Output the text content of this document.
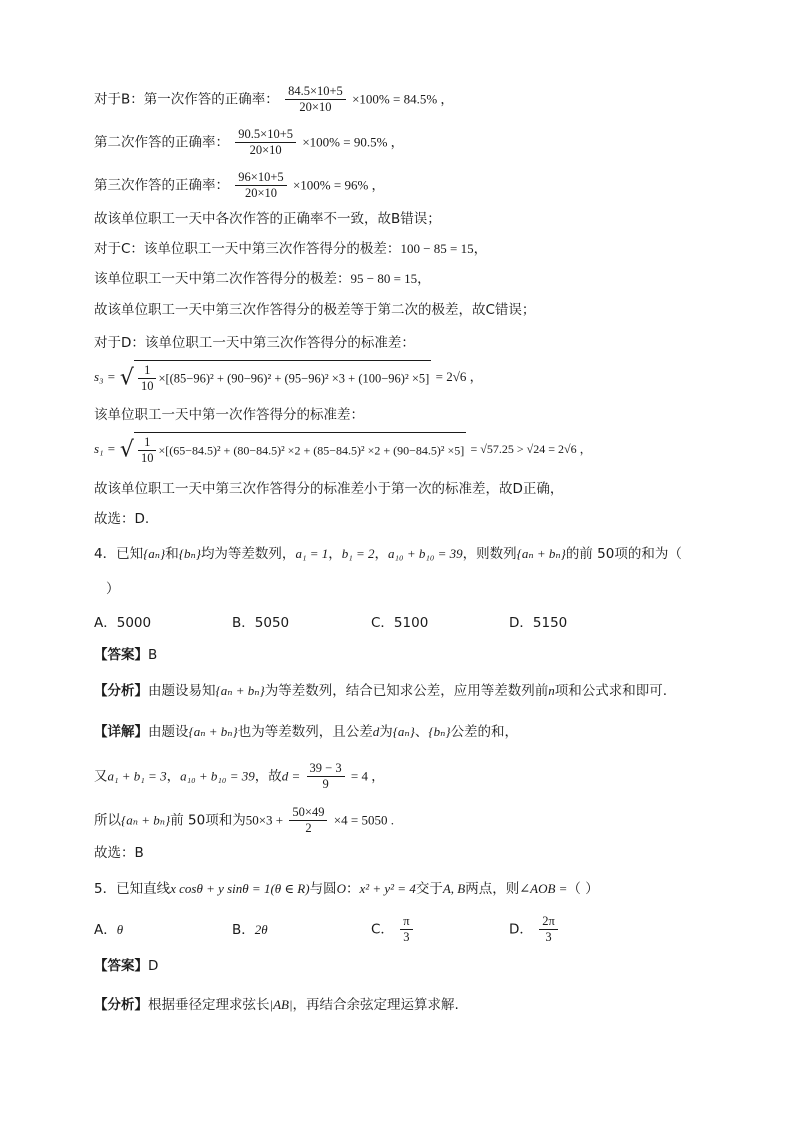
对于B：第一次作答的正确率： $\frac{84.5\times 10+5}{20\times 10} \times 100\% = 84.5\%$ ，
第二次作答的正确率： $\frac{90.5\times 10+5}{20\times 10} \times 100\% = 90.5\%$ ，
第三次作答的正确率： $\frac{96\times 10+5}{20\times 10} \times 100\% = 96\%$ ，
故该单位职工一天中各次作答的正确率不一致，故B错误；
对于C：该单位职工一天中第三次作答得分的极差：100 − 85 = 15，
该单位职工一天中第二次作答得分的极差：95 − 80 = 15，
故该单位职工一天中第三次作答得分的极差等于第二次的极差，故C错误；
对于D：该单位职工一天中第三次作答得分的标准差：
s₃ = √ $\frac{1}{10} \times[(85-96)^2 + (90-96)^2 + (95-96)^2 \times 3 + (100-96)^2 \times 5] = 2√6$ ，
该单位职工一天中第一次作答得分的标准差：
s₁ = √ $\frac{1}{10} \times[(65-84.5)^2 + (80-84.5)^2 \times 2 + (85-84.5)^2 \times 2 + (90-84.5)^2 \times 5] = √57.25 > √24 = 2√6$ ，
故该单位职工一天中第三次作答得分的标准差小于第一次的标准差，故D正确，
故选：D.
4．已知{aₙ}和{bₙ}均为等差数列，a₁ = 1，b₁ = 2，a₁₀ + b₁₀ = 39，则数列{aₙ + bₙ}的前 50项的和为（
）
A．5000	B．5050	C．5100	D．5150
【答案】B
【分析】由题设易知{aₙ + bₙ}为等差数列，结合已知求公差，应用等差数列前n项和公式求和即可.
【详解】由题设{aₙ + bₙ}也为等差数列，且公差d为{aₙ}、{bₙ}公差的和，
又a₁ + b₁ = 3，a₁₀ + b₁₀ = 39，故$d = \frac{39 - 3}{9} = 4$ ，
所以{aₙ + bₙ}前 50项和为$50\times 3 + \frac{50\times 49}{2} \times 4 = 5050$ .
故选：B
5．已知直线x cosθ + y sinθ = 1(θ ∈ R)与圆O：x² + y² = 4交于A, B两点，则∠AOB =（ ）
A．θ	B．2θ	C． $\frac{\pi}{3}$	D． $\frac{2\pi}{3}$
【答案】D
【分析】根据垂径定理求弦长|AB|，再结合余弦定理运算求解.
